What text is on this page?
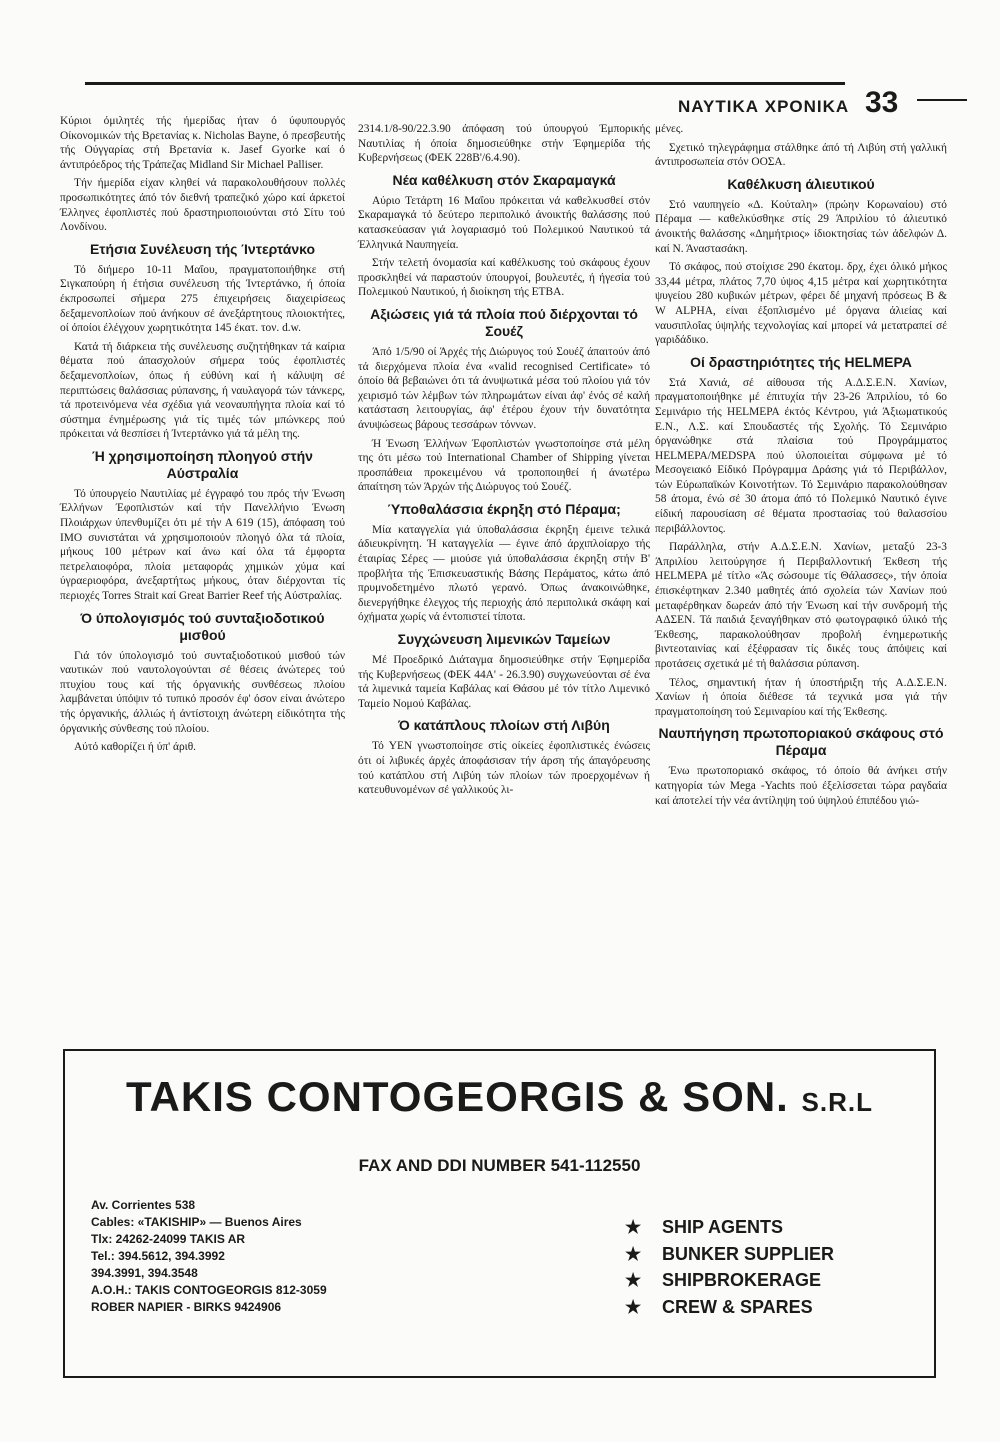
ΝΑΥΤΙΚΑ ΧΡΟΝΙΚΑ 33

Κύριοι όμιλητές τής ήμερίδας ήταν ό ύφυπουργός Οίκονομικών τής Βρετανίας κ. Nicholas Bayne, ό πρεσβευτής τής Ούγγαρίας στή Βρετανία κ. Jasef Gyorke καί ό άντιπρόεδρος τής Τράπεζας Midland Sir Michael Palliser.

Τήν ήμερίδα είχαν κληθεί νά παρακολουθήσουν πολλές προσωπικότητες άπό τόν διεθνή τραπεζικό χώρο καί άρκετοί Έλληνες έφοπλιστές πού δραστηριοποιούνται στό Σίτυ τού Λονδίνου.

Ετήσια Συνέλευση τής Ίντερτάνκο

Τό διήμερο 10-11 Μαΐου, πραγματοποιήθηκε στή Σιγκαπούρη ή έτήσια συνέλευση τής Ίντερτάνκο, ή όποία έκπροσωπεί σήμερα 275 έπιχειρήσεις διαχειρίσεως δεξαμενοπλοίων πού άνήκουν σέ άνεξάρτητους πλοιοκτήτες, οί όποίοι έλέγχουν χωρητικότητα 145 έκατ. τον. d.w.

Κατά τή διάρκεια τής συνέλευσης συζητήθηκαν τά καίρια θέματα πού άπασχολούν σήμερα τούς έφοπλιστές δεξαμενοπλοίων, όπως ή εύθύνη καί ή κάλυψη σέ περιπτώσεις θαλάσσιας ρύπανσης, ή ναυλαγορά τών τάνκερς, τά προτεινόμενα νέα σχέδια γιά νεοναυπήγητα πλοία καί τό σύστημα ένημέρωσης γιά τίς τιμές τών μπώνκερς πού πρόκειται νά θεσπίσει ή Ίντερτάνκο γιά τά μέλη της.

Ή χρησιμοποίηση πλοηγού στήν Αύστραλία

Τό ύπουργείο Ναυτιλίας μέ έγγραφό του πρός τήν Ένωση Έλλήνων Έφοπλιστών καί τήν Πανελλήνιο Ένωση Πλοιάρχων ύπενθυμίζει ότι μέ τήν Α 619 (15), άπόφαση τού IMO συνιστάται νά χρησιμοποιούν πλοηγό όλα τά πλοία, μήκους 100 μέτρων καί άνω καί όλα τά έμφορτα πετρελαιοφόρα, πλοία μεταφοράς χημικών χύμα καί ύγραεριοφόρα, άνεξαρτήτως μήκους, όταν διέρχονται τίς περιοχές Torres Strait καί Great Barrier Reef τής Αύστραλίας.

Ό ύπολογισμός τού συνταξιοδοτικού μισθού

Γιά τόν ύπολογισμό τού συνταξιοδοτικού μισθού τών ναυτικών πού ναυτολογούνται σέ θέσεις άνώτερες τού πτυχίου τους καί τής όργανικής συνθέσεως πλοίου λαμβάνεται ύπόψιν τό τυπικό προσόν έφ' όσον είναι άνώτερο τής όργανικής, άλλιώς ή άντίστοιχη άνώτερη είδικότητα τής όργανικής σύνθεσης τού πλοίου.

Αύτό καθορίζει ή ύπ' άριθ.

2314.1/8-90/22.3.90 άπόφαση τού ύπουργού Έμπορικής Ναυτιλίας ή όποία δημοσιεύθηκε στήν Έφημερίδα τής Κυβερνήσεως (ΦΕΚ 228Β'/6.4.90).

Νέα καθέλκυση στόν Σκαραμαγκά

Αύριο Τετάρτη 16 Μαΐου πρόκειται νά καθελκυσθεί στόν Σκαραμαγκά τό δεύτερο περιπολικό άνοικτής θαλάσσης πού κατασκεύασαν γιά λογαριασμό τού Πολεμικού Ναυτικού τά Έλληνικά Ναυπηγεία.

Στήν τελετή όνομασία καί καθέλκυσης τού σκάφους έχουν προσκληθεί νά παραστούν ύπουργοί, βουλευτές, ή ήγεσία τού Πολεμικού Ναυτικού, ή διοίκηση τής ΕΤΒΑ.

Αξιώσεις γιά τά πλοία πού διέρχονται τό Σουέζ

Άπό 1/5/90 οί Άρχές τής Διώρυγος τού Σουέζ άπαιτούν άπό τά διερχόμενα πλοία ένα «valid recognised Certificate» τό όποίο θά βεβαιώνει ότι τά άνυψωτικά μέσα τού πλοίου γιά τόν χειρισμό τών λέμβων τών πληρωμάτων είναι άφ' ένός σέ καλή κατάσταση λειτουργίας, άφ' έτέρου έχουν τήν δυνατότητα άνυψώσεως βάρους τεσσάρων τόννων.

Ή Ένωση Έλλήνων Έφοπλιστών γνωστοποίησε στά μέλη της ότι μέσω τού International Chamber of Shipping γίνεται προσπάθεια προκειμένου νά τροποποιηθεί ή άνωτέρω άπαίτηση τών Άρχών τής Διώρυγος τού Σουέζ.

Ύποθαλάσσια έκρηξη στό Πέραμα;

Μία καταγγελία γιά ύποθαλάσσια έκρηξη έμεινε τελικά άδιευκρίνητη. Ή καταγγελία — έγινε άπό άρχιπλοίαρχο τής έταιρίας Σέρες — μιούσε γιά ύποθαλάσσια έκρηξη στήν Β' προβλήτα τής Έπισκευαστικής Βάσης Περάματος, κάτω άπό πρυμνοδετημένο πλωτό γερανό. Όπως άνακοινώθηκε, διενεργήθηκε έλεγχος τής περιοχής άπό περιπολικά σκάφη καί όχήματα χωρίς νά έντοπιστεί τίποτα.

Συγχώνευση λιμενικών Ταμείων

Μέ Προεδρικό Διάταγμα δημοσιεύθηκε στήν Έφημερίδα τής Κυβερνήσεως (ΦΕΚ 44Α' - 26.3.90) συγχωνεύονται σέ ένα τά λιμενικά ταμεία Καβάλας καί Θάσου μέ τόν τίτλο Λιμενικό Ταμείο Νομού Καβάλας.

Ό κατάπλους πλοίων στή Λιβύη

Τό ΥΕΝ γνωστοποίησε στίς οίκείες έφοπλιστικές ένώσεις ότι οί λιβυκές άρχές άποφάσισαν τήν άρση τής άπαγόρευσης τού κατάπλου στή Λιβύη τών πλοίων τών προερχομένων ή κατευθυνομένων σέ γαλλικούς λι-

μένες.

Σχετικό τηλεγράφημα στάλθηκε άπό τή Λιβύη στή γαλλική άντιπροσωπεία στόν ΟΟΣΑ.

Καθέλκυση άλιευτικού

Στό ναυπηγείο «Δ. Κούταλη» (πρώην Κορωναίου) στό Πέραμα — καθελκύσθηκε στίς 29 Άπριλίου τό άλιευτικό άνοικτής θαλάσσης «Δημήτριος» ίδιοκτησίας τών άδελφών Δ. καί Ν. Άναστασάκη.

Τό σκάφος, πού στοίχισε 290 έκατομ. δρχ, έχει όλικό μήκος 33,44 μέτρα, πλάτος 7,70 ύψος 4,15 μέτρα καί χωρητικότητα ψυγείου 280 κυβικών μέτρων, φέρει δέ μηχανή πρόσεως B & W ALPHA, είναι έξοπλισμένο μέ όργανα άλιείας καί ναυσιπλοΐας ύψηλής τεχνολογίας καί μπορεί νά μετατραπεί σέ γαριδάδικο.

Οί δραστηριότητες τής HELMEPA

Στά Χανιά, σέ αίθουσα τής Α.Δ.Σ.Ε.Ν. Χανίων, πραγματοποιήθηκε μέ έπιτυχία τήν 23-26 Άπριλίου, τό 6ο Σεμινάριο τής HELMEPA έκτός Κέντρου, γιά Άξιωματικούς Ε.Ν., Λ.Σ. καί Σπουδαστές τής Σχολής. Τό Σεμινάριο όργανώθηκε στά πλαίσια τού Προγράμματος HELMEPA/MEDSPA πού ύλοποιείται σύμφωνα μέ τό Μεσογειακό Είδικό Πρόγραμμα Δράσης γιά τό Περιβάλλον, τών Εύρωπαϊκών Κοινοτήτων. Τό Σεμινάριο παρακολούθησαν 58 άτομα, ένώ σέ 30 άτομα άπό τό Πολεμικό Ναυτικό έγινε είδική παρουσίαση σέ θέματα προστασίας τού θαλασσίου περιβάλλοντος.

Παράλληλα, στήν Α.Δ.Σ.Ε.Ν. Χανίων, μεταξύ 23-3 Άπριλίου λειτούργησε ή Περιβαλλοντική Έκθεση τής HELMEPA μέ τίτλο «Άς σώσουμε τίς Θάλασσες», τήν όποία έπισκέφτηκαν 2.340 μαθητές άπό σχολεία τών Χανίων πού μεταφέρθηκαν δωρεάν άπό τήν Ένωση καί τήν συνδρομή τής ΑΔΣΕΝ. Τά παιδιά ξεναγήθηκαν στό φωτογραφικό ύλικό τής Έκθεσης, παρακολούθησαν προβολή ένημερωτικής βιντεοταινίας καί έξέφρασαν τίς δικές τους άπόψεις καί προτάσεις σχετικά μέ τή θαλάσσια ρύπανση.

Τέλος, σημαντική ήταν ή ύποστήριξη τής Α.Δ.Σ.Ε.Ν. Χανίων ή όποία διέθεσε τά τεχνικά μσα γιά τήν πραγματοποίηση τού Σεμιναρίου καί τής Έκθεσης.

Ναυπήγηση πρωτοποριακού σκάφους στό Πέραμα

Ένω πρωτοποριακό σκάφος, τό όποίο θά άνήκει στήν κατηγορία τών Mega -Yachts πού έξελίσσεται τώρα ραγδαία καί άποτελεί τήν νέα άντίληψη τού ύψηλού έπιπέδου γιώ-

TAKIS CONTOGEORGIS & SON. S.R.L
FAX AND DDI NUMBER 541-112550
Av. Corrientes 538
Cables: «TAKISHIP» — Buenos Aires
Tlx: 24262-24099 TAKIS AR
Tel.: 394.5612, 394.3992
394.3991, 394.3548
A.O.H.: TAKIS CONTOGEORGIS 812-3059
ROBER NAPIER - BIRKS 9424906
★ SHIP AGENTS
★ BUNKER SUPPLIER
★ SHIPBROKERAGE
★ CREW & SPARES
